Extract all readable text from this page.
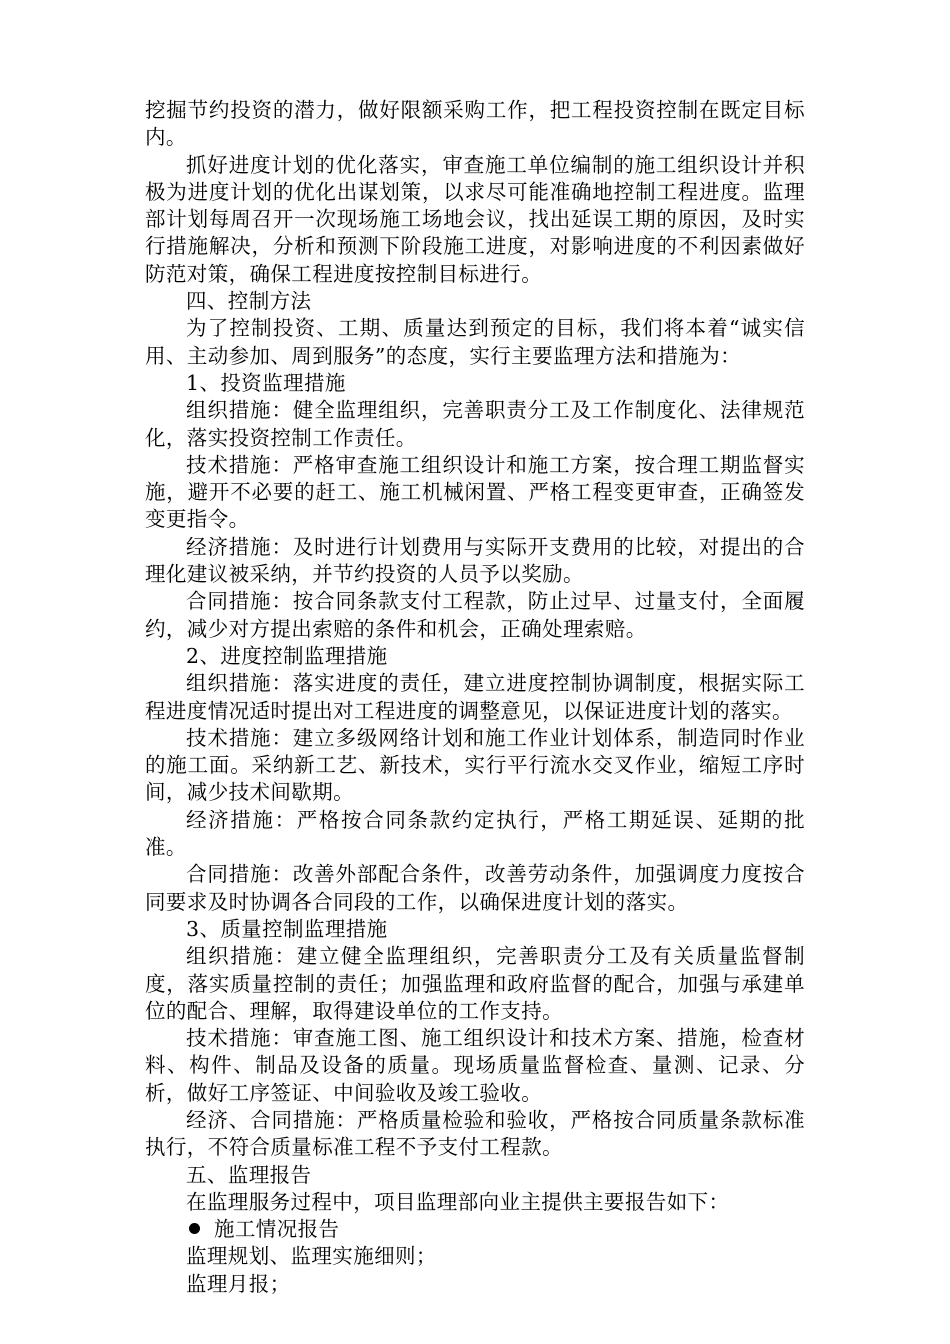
挖掘节约投资的潜力，做好限额采购工作，把工程投资控制在既定目标内。

抓好进度计划的优化落实，审查施工单位编制的施工组织设计并积极为进度计划的优化出谋划策，以求尽可能准确地控制工程进度。监理部计划每周召开一次现场施工场地会议，找出延误工期的原因，及时实行措施解决，分析和预测下阶段施工进度，对影响进度的不利因素做好防范对策，确保工程进度按控制目标进行。

四、控制方法

为了控制投资、工期、质量达到预定的目标，我们将本着“诚实信用、主动参加、周到服务”的态度，实行主要监理方法和措施为：

1、投资监理措施

组织措施：健全监理组织，完善职责分工及工作制度化、法律规范化，落实投资控制工作责任。

技术措施：严格审查施工组织设计和施工方案，按合理工期监督实施，避开不必要的赶工、施工机械闲置、严格工程变更审查，正确签发变更指令。

经济措施：及时进行计划费用与实际开支费用的比较，对提出的合理化建议被采纳，并节约投资的人员予以奖励。

合同措施：按合同条款支付工程款，防止过早、过量支付，全面履约，减少对方提出索赔的条件和机会，正确处理索赔。

2、进度控制监理措施

组织措施：落实进度的责任，建立进度控制协调制度，根据实际工程进度情况适时提出对工程进度的调整意见，以保证进度计划的落实。

技术措施：建立多级网络计划和施工作业计划体系，制造同时作业的施工面。采纳新工艺、新技术，实行平行流水交叉作业，缩短工序时间，减少技术间歇期。

经济措施：严格按合同条款约定执行，严格工期延误、延期的批准。

合同措施：改善外部配合条件，改善劳动条件，加强调度力度按合同要求及时协调各合同段的工作，以确保进度计划的落实。

3、质量控制监理措施

组织措施：建立健全监理组织，完善职责分工及有关质量监督制度，落实质量控制的责任；加强监理和政府监督的配合，加强与承建单位的配合、理解，取得建设单位的工作支持。

技术措施：审查施工图、施工组织设计和技术方案、措施，检查材料、构件、制品及设备的质量。现场质量监督检查、量测、记录、分析，做好工序签证、中间验收及竣工验收。

经济、合同措施：严格质量检验和验收，严格按合同质量条款标准执行，不符合质量标准工程不予支付工程款。

五、监理报告

在监理服务过程中，项目监理部向业主提供主要报告如下：

施工情况报告

监理规划、监理实施细则；

监理月报；
